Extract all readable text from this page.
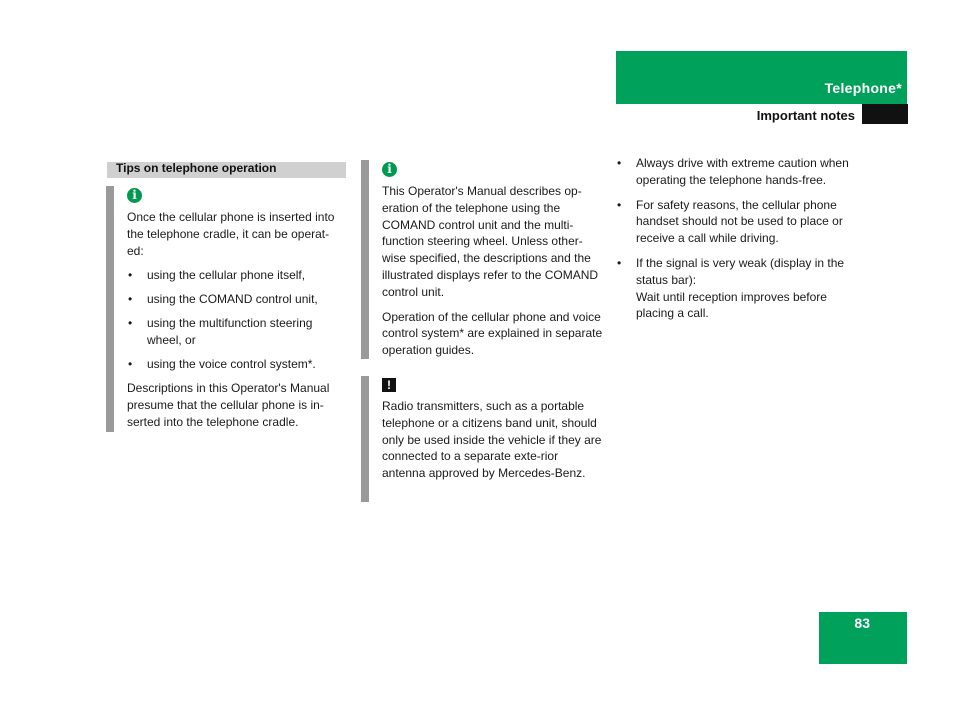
Telephone*
Important notes
Tips on telephone operation
i

Once the cellular phone is inserted into the telephone cradle, it can be operat-ed:

• using the cellular phone itself,
• using the COMAND control unit,
• using the multifunction steering wheel, or
• using the voice control system*.

Descriptions in this Operator's Manual presume that the cellular phone is in-serted into the telephone cradle.

i

This Operator's Manual describes op-eration of the telephone using the COMAND control unit and the multi-function steering wheel. Unless other-wise specified, the descriptions and the illustrated displays refer to the COMAND control unit.

Operation of the cellular phone and voice control system* are explained in separate operation guides.

!

Radio transmitters, such as a portable telephone or a citizens band unit, should only be used inside the vehicle if they are connected to a separate exte-rior antenna approved by Mercedes-Benz.

• Always drive with extreme caution when operating the telephone hands-free.
• For safety reasons, the cellular phone handset should not be used to place or receive a call while driving.
• If the signal is very weak (display in the status bar):
Wait until reception improves before placing a call.
83
